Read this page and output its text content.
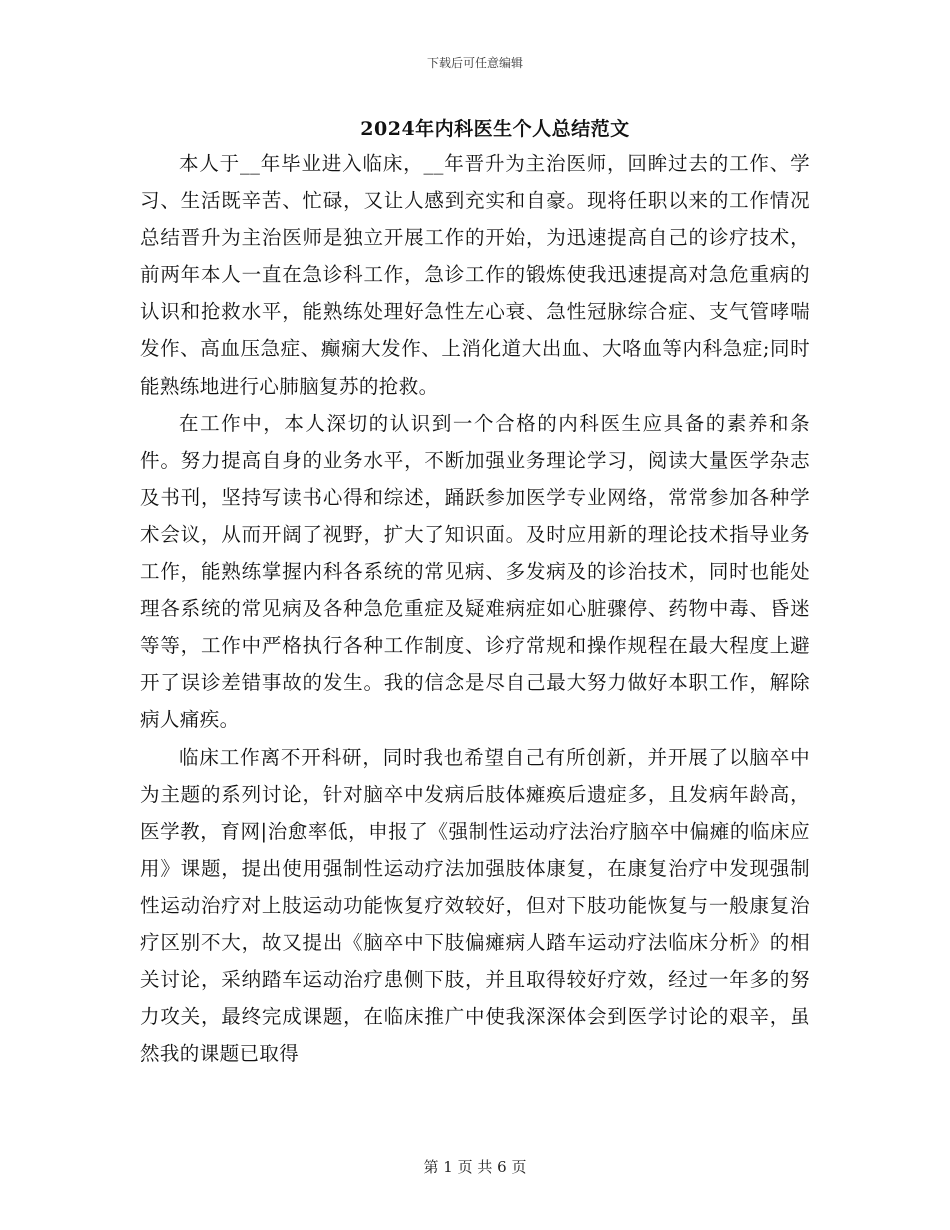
下载后可任意编辑
2024年内科医生个人总结范文

本人于__年毕业进入临床，__年晋升为主治医师，回眸过去的工作、学习、生活既辛苦、忙碌，又让人感到充实和自豪。现将任职以来的工作情况总结晋升为主治医师是独立开展工作的开始，为迅速提高自己的诊疗技术，前两年本人一直在急诊科工作，急诊工作的锻炼使我迅速提高对急危重病的认识和抢救水平，能熟练处理好急性左心衰、急性冠脉综合症、支气管哮喘发作、高血压急症、癫痫大发作、上消化道大出血、大咯血等内科急症;同时能熟练地进行心肺脑复苏的抢救。

在工作中，本人深切的认识到一个合格的内科医生应具备的素养和条件。努力提高自身的业务水平，不断加强业务理论学习，阅读大量医学杂志及书刊，坚持写读书心得和综述，踊跃参加医学专业网络，常常参加各种学术会议，从而开阔了视野，扩大了知识面。及时应用新的理论技术指导业务工作，能熟练掌握内科各系统的常见病、多发病及的诊治技术，同时也能处理各系统的常见病及各种急危重症及疑难病症如心脏骤停、药物中毒、昏迷等等，工作中严格执行各种工作制度、诊疗常规和操作规程在最大程度上避开了误诊差错事故的发生。我的信念是尽自己最大努力做好本职工作，解除病人痛疾。

临床工作离不开科研，同时我也希望自己有所创新，并开展了以脑卒中为主题的系列讨论，针对脑卒中发病后肢体瘫痪后遗症多，且发病年龄高，医学教，育网|治愈率低，申报了《强制性运动疗法治疗脑卒中偏瘫的临床应用》课题，提出使用强制性运动疗法加强肢体康复，在康复治疗中发现强制性运动治疗对上肢运动功能恢复疗效较好，但对下肢功能恢复与一般康复治疗区别不大，故又提出《脑卒中下肢偏瘫病人踏车运动疗法临床分析》的相关讨论，采纳踏车运动治疗患侧下肢，并且取得较好疗效，经过一年多的努力攻关，最终完成课题，在临床推广中使我深深体会到医学讨论的艰辛，虽然我的课题已取得

第 1 页 共 6 页
